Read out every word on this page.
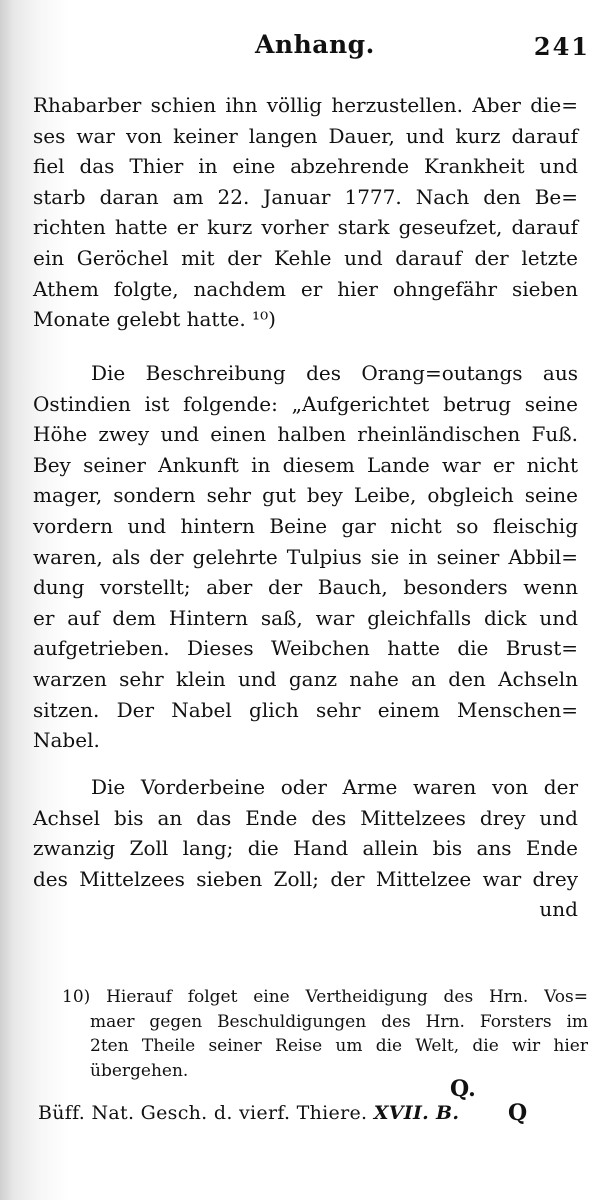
Anhang.	241
Rhabarber schien ihn völlig herzustellen. Aber die=
ses war von keiner langen Dauer, und kurz darauf
fiel das Thier in eine abzehrende Krankheit und
starb daran am 22. Januar 1777. Nach den Be=
richten hatte er kurz vorher stark geseufzet, darauf
ein Geröchel mit der Kehle und darauf der letzte
Athem folgte, nachdem er hier ohngefähr sieben
Monate gelebt hatte. ¹⁰)
Die Beschreibung des Orang=outangs aus
Ostindien ist folgende: „Aufgerichtet betrug seine
Höhe zwey und einen halben rheinländischen Fuß.
Bey seiner Ankunft in diesem Lande war er nicht
mager, sondern sehr gut bey Leibe, obgleich seine
vordern und hintern Beine gar nicht so fleischig
waren, als der gelehrte Tulpius sie in seiner Abbil=
dung vorstellt; aber der Bauch, besonders wenn
er auf dem Hintern saß, war gleichfalls dick und
aufgetrieben. Dieses Weibchen hatte die Brust=
warzen sehr klein und ganz nahe an den Achseln
sitzen. Der Nabel glich sehr einem Menschen=
Nabel.
Die Vorderbeine oder Arme waren von der
Achsel bis an das Ende des Mittelzees drey und
zwanzig Zoll lang; die Hand allein bis ans Ende
des Mittelzees sieben Zoll; der Mittelzee war drey
und
10) Hierauf folget eine Vertheidigung des Hrn. Vos=
maer gegen Beschuldigungen des Hrn. Forsters im
2ten Theile seiner Reise um die Welt, die wir hier
übergehen.
Q.
Büff. Nat. Gesch. d. vierf. Thiere. XVII. B. Q
